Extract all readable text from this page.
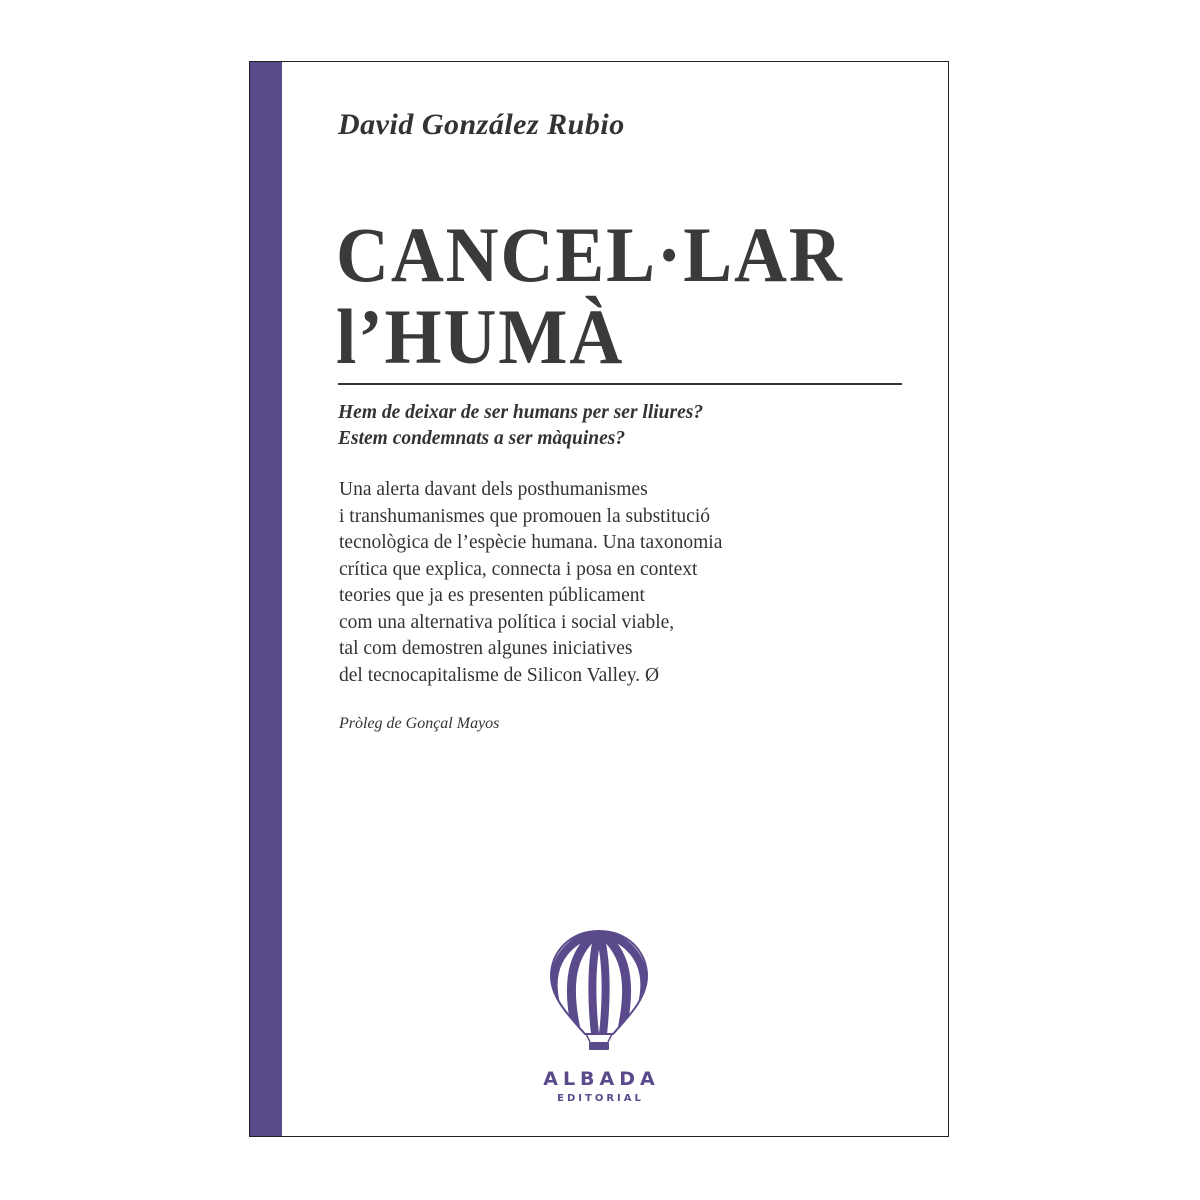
David González Rubio
CANCEL·LAR
l’HUMÀ
Hem de deixar de ser humans per ser lliures?
Estem condemnats a ser màquines?
Una alerta davant dels posthumanismes
i transhumanismes que promouen la substitució
tecnològica de l’espècie humana. Una taxonomia
crítica que explica, connecta i posa en context
teories que ja es presenten públicament
com una alternativa política i social viable,
tal com demostren algunes iniciatives
del tecnocapitalisme de Silicon Valley. Ø
Pròleg de Gonçal Mayos
ALBADA
EDITORIAL
